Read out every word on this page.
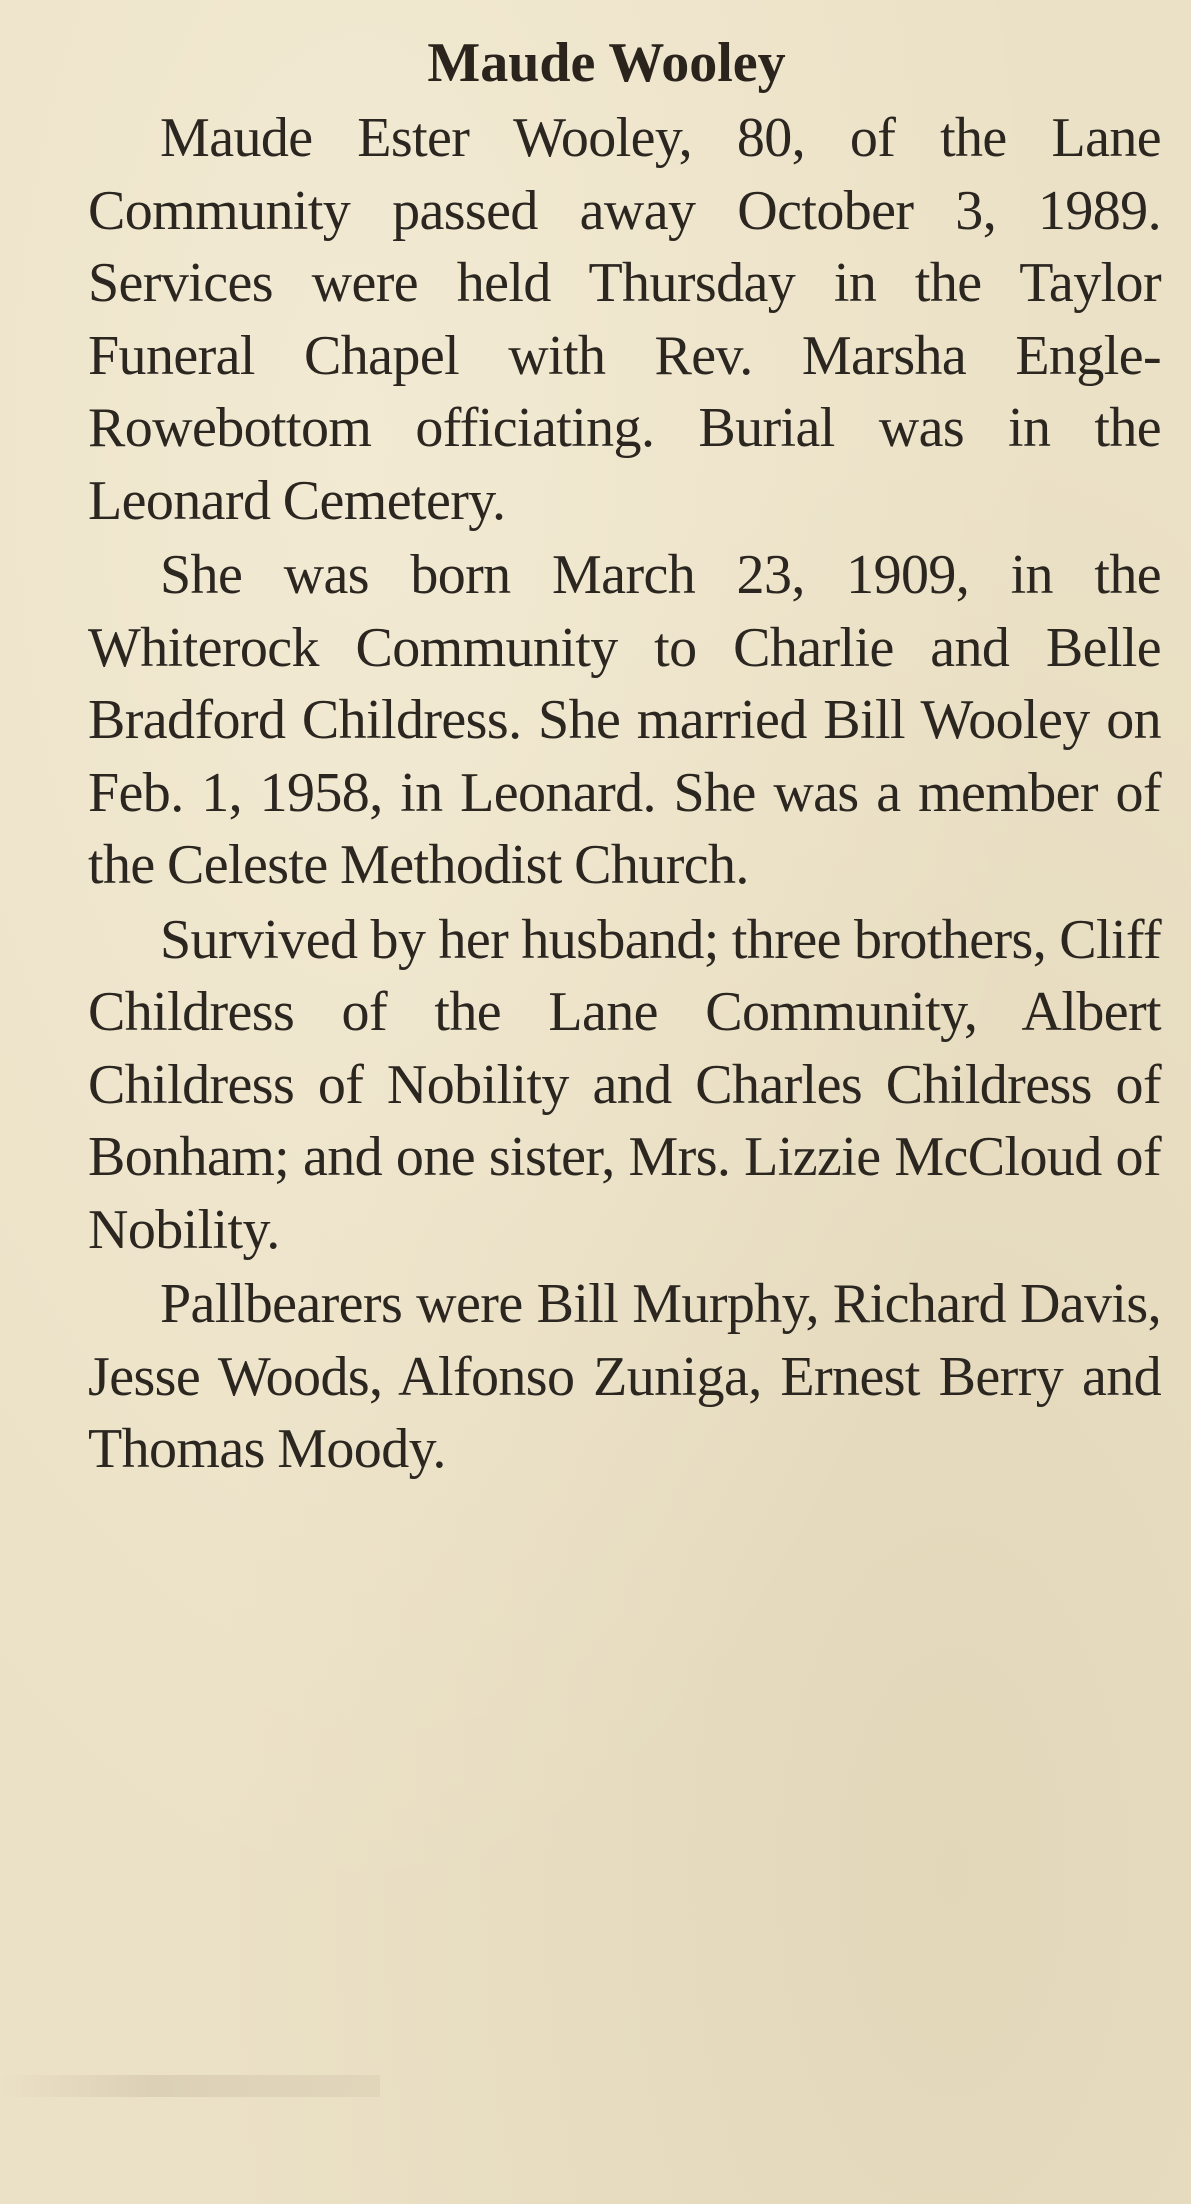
Maude Wooley

Maude Ester Wooley, 80, of the Lane Community passed away October 3, 1989. Services were held Thursday in the Taylor Funeral Chapel with Rev. Marsha Engle-Rowebottom officiating. Burial was in the Leonard Cemetery.

She was born March 23, 1909, in the Whiterock Community to Charlie and Belle Bradford Childress. She married Bill Wooley on Feb. 1, 1958, in Leonard. She was a member of the Celeste Methodist Church.

Survived by her husband; three brothers, Cliff Childress of the Lane Community, Albert Childress of Nobility and Charles Childress of Bonham; and one sister, Mrs. Lizzie McCloud of Nobility.

Pallbearers were Bill Murphy, Richard Davis, Jesse Woods, Alfonso Zuniga, Ernest Berry and Thomas Moody.
